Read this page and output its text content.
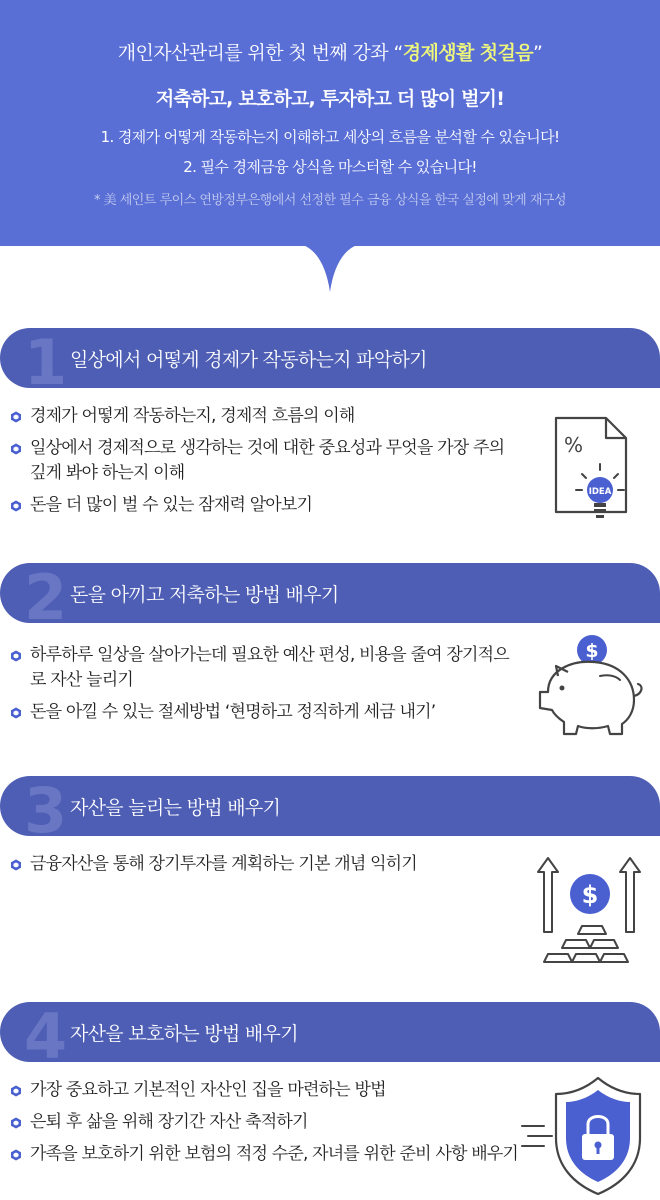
개인자산관리를 위한 첫 번째 강좌 “경제생활 첫걸음”
저축하고, 보호하고, 투자하고 더 많이 벌기!
1. 경제가 어떻게 작동하는지 이해하고 세상의 흐름을 분석할 수 있습니다!
2. 필수 경제금융 상식을 마스터할 수 있습니다!
* 美 세인트 루이스 연방정부은행에서 선정한 필수 금융 상식을 한국 실정에 맞게 재구성
1 일상에서 어떻게 경제가 작동하는지 파악하기
경제가 어떻게 작동하는지, 경제적 흐름의 이해
일상에서 경제적으로 생각하는 것에 대한 중요성과 무엇을 가장 주의 깊게 봐야 하는지 이해
돈을 더 많이 벌 수 있는 잠재력 알아보기
%
IDEA
2 돈을 아끼고 저축하는 방법 배우기
하루하루 일상을 살아가는데 필요한 예산 편성, 비용을 줄여 장기적으로 자산 늘리기
돈을 아낄 수 있는 절세방법 ‘현명하고 정직하게 세금 내기’
$
3 자산을 늘리는 방법 배우기
금융자산을 통해 장기투자를 계획하는 기본 개념 익히기
$
4 자산을 보호하는 방법 배우기
가장 중요하고 기본적인 자산인 집을 마련하는 방법
은퇴 후 삶을 위해 장기간 자산 축적하기
가족을 보호하기 위한 보험의 적정 수준, 자녀를 위한 준비 사항 배우기
